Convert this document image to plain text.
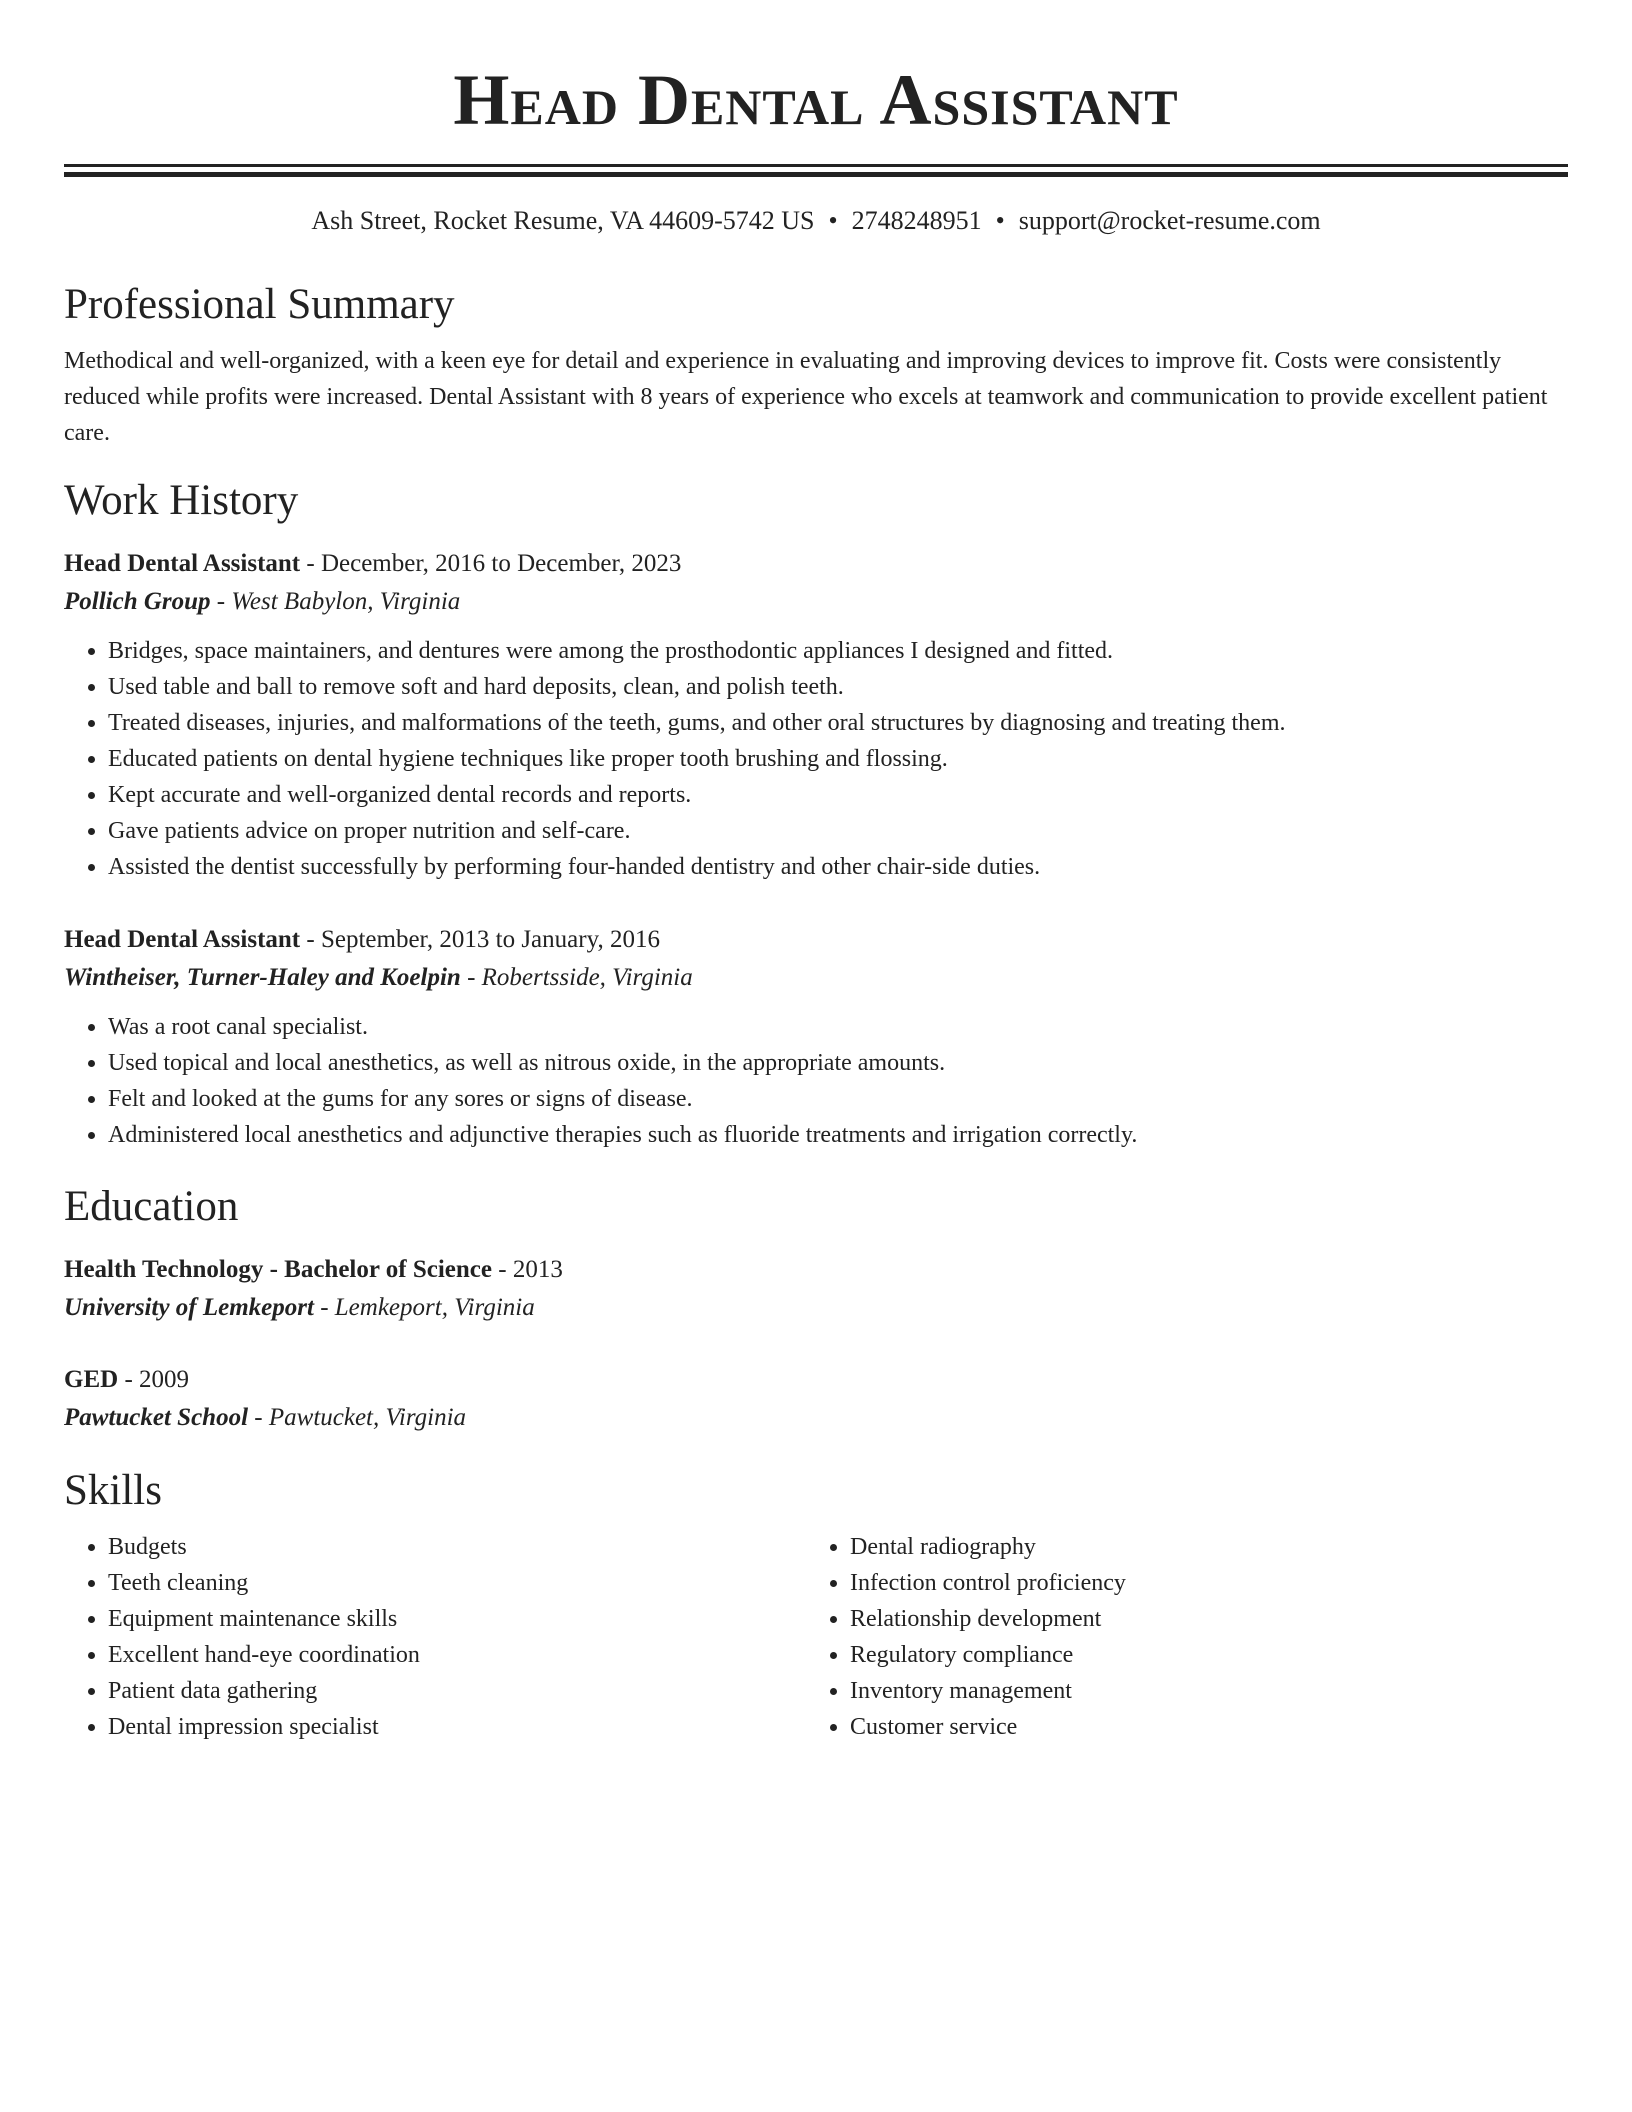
Head Dental Assistant
Ash Street, Rocket Resume, VA 44609-5742 US • 2748248951 • support@rocket-resume.com
Professional Summary

Methodical and well-organized, with a keen eye for detail and experience in evaluating and improving devices to improve fit. Costs were consistently reduced while profits were increased. Dental Assistant with 8 years of experience who excels at teamwork and communication to provide excellent patient care.

Work History
Head Dental Assistant - December, 2016 to December, 2023
Pollich Group - West Babylon, Virginia
• Bridges, space maintainers, and dentures were among the prosthodontic appliances I designed and fitted.
• Used table and ball to remove soft and hard deposits, clean, and polish teeth.
• Treated diseases, injuries, and malformations of the teeth, gums, and other oral structures by diagnosing and treating them.
• Educated patients on dental hygiene techniques like proper tooth brushing and flossing.
• Kept accurate and well-organized dental records and reports.
• Gave patients advice on proper nutrition and self-care.
• Assisted the dentist successfully by performing four-handed dentistry and other chair-side duties.
Head Dental Assistant - September, 2013 to January, 2016
Wintheiser, Turner-Haley and Koelpin - Robertsside, Virginia
• Was a root canal specialist.
• Used topical and local anesthetics, as well as nitrous oxide, in the appropriate amounts.
• Felt and looked at the gums for any sores or signs of disease.
• Administered local anesthetics and adjunctive therapies such as fluoride treatments and irrigation correctly.
Education
Health Technology - Bachelor of Science - 2013
University of Lemkeport - Lemkeport, Virginia
GED - 2009
Pawtucket School - Pawtucket, Virginia
Skills
• Budgets
• Teeth cleaning
• Equipment maintenance skills
• Excellent hand-eye coordination
• Patient data gathering
• Dental impression specialist
• Dental radiography
• Infection control proficiency
• Relationship development
• Regulatory compliance
• Inventory management
• Customer service
